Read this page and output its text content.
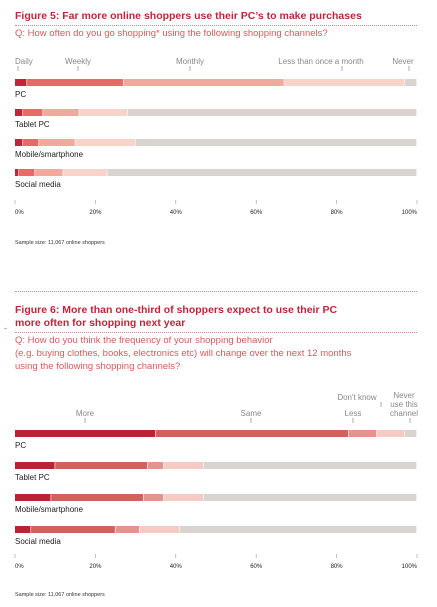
Figure 5: Far more online shoppers use their PC’s to make purchases
Q: How often do you go shopping* using the following shopping channels?
Daily	Weekly	Monthly	Less than once a month	Never
PC
Tablet PC
Mobile/smartphone
Social media
0%	20%	40%	60%	80%	100%
Sample size: 11,067 online shoppers
Figure 6: More than one-third of shoppers expect to use their PC
more often for shopping next year
-
Q: How do you think the frequency of your shopping behavior
(e.g. buying clothes, books, electronics etc) will change over the next 12 months
using the following shopping channels?
More	Same	Less
Don't know Never
use this
channel
PC
Tablet PC
Mobile/smartphone
Social media
0%	20%	40%	60%	80%	100%
Sample size: 11,067 online shoppers
